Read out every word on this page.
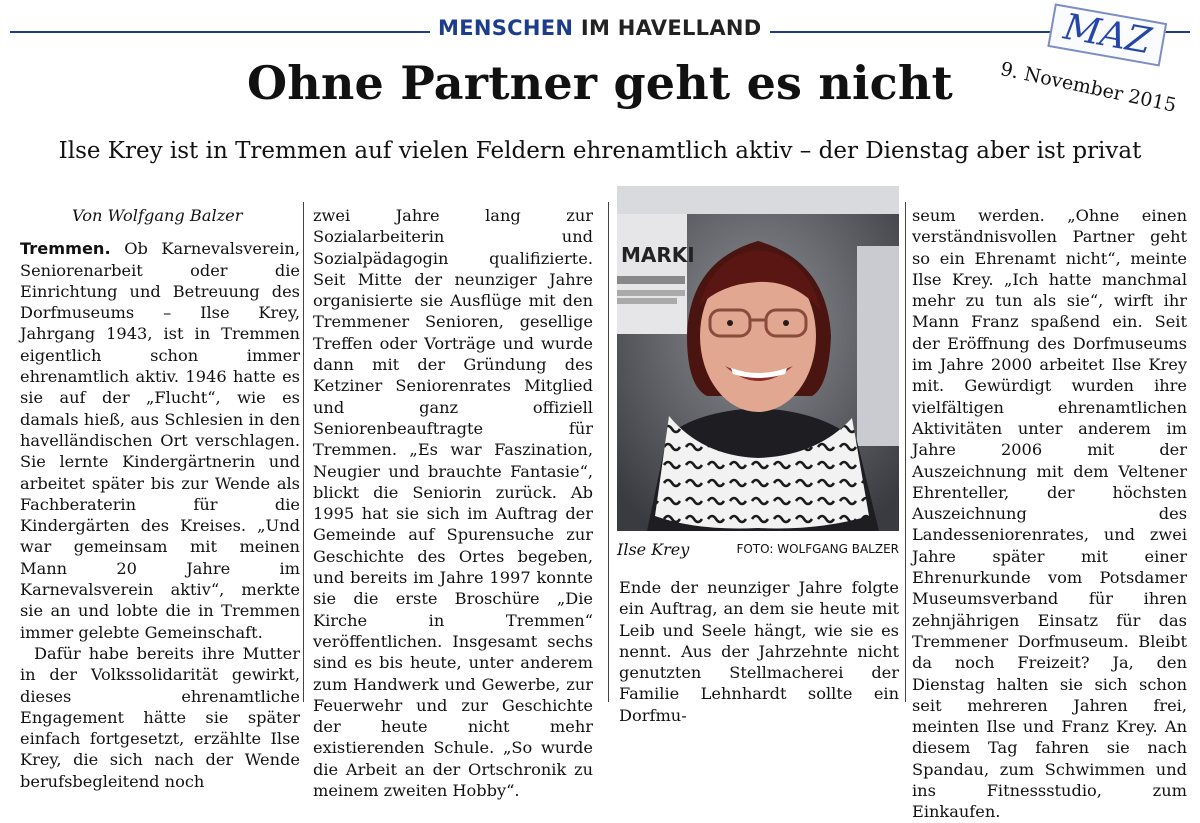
MENSCHEN IM HAVELLAND	MAZ
9. November 2015
Ohne Partner geht es nicht
Ilse Krey ist in Tremmen auf vielen Feldern ehrenamtlich aktiv – der Dienstag aber ist privat
Von Wolfgang Balzer

Tremmen. Ob Karnevalsverein, Seniorenarbeit oder die Einrichtung und Betreuung des Dorfmuseums – Ilse Krey, Jahrgang 1943, ist in Tremmen eigentlich schon immer ehrenamtlich aktiv. 1946 hatte es sie auf der „Flucht“, wie es damals hieß, aus Schlesien in den havelländischen Ort verschlagen. Sie lernte Kindergärtnerin und arbeitet später bis zur Wende als Fachberaterin für die Kindergärten des Kreises. „Und war gemeinsam mit meinen Mann 20 Jahre im Karnevalsverein aktiv“, merkte sie an und lobte die in Tremmen immer gelebte Gemeinschaft.

Dafür habe bereits ihre Mutter in der Volkssolidarität gewirkt, dieses ehrenamtliche Engagement hätte sie später einfach fortgesetzt, erzählte Ilse Krey, die sich nach der Wende berufsbegleitend noch

zwei Jahre lang zur Sozialarbeiterin und Sozialpädagogin qualifizierte. Seit Mitte der neunziger Jahre organisierte sie Ausflüge mit den Tremmener Senioren, gesellige Treffen oder Vorträge und wurde dann mit der Gründung des Ketziner Seniorenrates Mitglied und ganz offiziell Seniorenbeauftragte für Tremmen. „Es war Faszination, Neugier und brauchte Fantasie“, blickt die Seniorin zurück. Ab 1995 hat sie sich im Auftrag der Gemeinde auf Spurensuche zur Geschichte des Ortes begeben, und bereits im Jahre 1997 konnte sie die erste Broschüre „Die Kirche in Tremmen“ veröffentlichen. Insgesamt sechs sind es bis heute, unter anderem zum Handwerk und Gewerbe, zur Feuerwehr und zur Geschichte der heute nicht mehr existierenden Schule. „So wurde die Arbeit an der Ortschronik zu meinem zweiten Hobby“.

MARKI
Ilse Krey	FOTO: WOLFGANG BALZER

Ende der neunziger Jahre folgte ein Auftrag, an dem sie heute mit Leib und Seele hängt, wie sie es nennt. Aus der Jahrzehnte nicht genutzten Stellmacherei der Familie Lehnhardt sollte ein Dorfmu-

seum werden. „Ohne einen verständnisvollen Partner geht so ein Ehrenamt nicht“, meinte Ilse Krey. „Ich hatte manchmal mehr zu tun als sie“, wirft ihr Mann Franz spaßend ein. Seit der Eröffnung des Dorfmuseums im Jahre 2000 arbeitet Ilse Krey mit. Gewürdigt wurden ihre vielfältigen ehrenamtlichen Aktivitäten unter anderem im Jahre 2006 mit der Auszeichnung mit dem Veltener Ehrenteller, der höchsten Auszeichnung des Landesseniorenrates, und zwei Jahre später mit einer Ehrenurkunde vom Potsdamer Museumsverband für ihren zehnjährigen Einsatz für das Tremmener Dorfmuseum. Bleibt da noch Freizeit? Ja, den Dienstag halten sie sich schon seit mehreren Jahren frei, meinten Ilse und Franz Krey. An diesem Tag fahren sie nach Spandau, zum Schwimmen und ins Fitnessstudio, zum Einkaufen.
